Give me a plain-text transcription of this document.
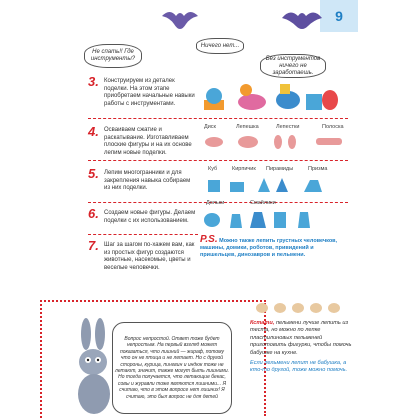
9
Не спать!! Где инструменты?
Ничего нет...
Без инструментов ничего не заработаешь.
3. Конструируем из деталек поделки. На этом этапе приобретаем начальные навыки работы с инструментами.
4. Осваиваем сжатие и раскатывание. Изготавливаем плоские фигуры и на их основе лепим новые поделки.
Диск	Лепешка	Лепестки	Полоска
5. Лепим многогранники и для закрепления навыка собираем из них поделки.
Куб	Кирпичик Пирамиды	Призма
6. Создаем новые фигуры. Делаем поделки с их использованием.
Дольки	Смайлики
7. Шаг за шагом по-хажем вам, как из простых фигур создаются животные, насекомые, цветы и веселые человечки.
P.S. Можно также лепить грустных человечков, машины, домики, роботов, привидений и пришельцев, динозавров и пельмени.
Вопрос непростой. Ответ тоже будет непростым. На первый взгляд может показаться, что лишний — жираф, потому что он не птица и не летает. Но с другой стороны, курица, пингвин и индюк тоже не летают, значит, также могут быть лишними. Но тогда получается, что летающие бекас, совы и журавли тоже являются лишними... Я считаю, что в этом вопросе нет лишних! Я считаю, это был вопрос не для детей
Кстати, пельмени лучше лепить из теста, но можно по лепке пластилиновых пельменей приготовить фигурки, чтобы помочь бабушке на кухне.
Если пельмени лепит не бабушка, а кто-то другой, тоже можно помочь.
